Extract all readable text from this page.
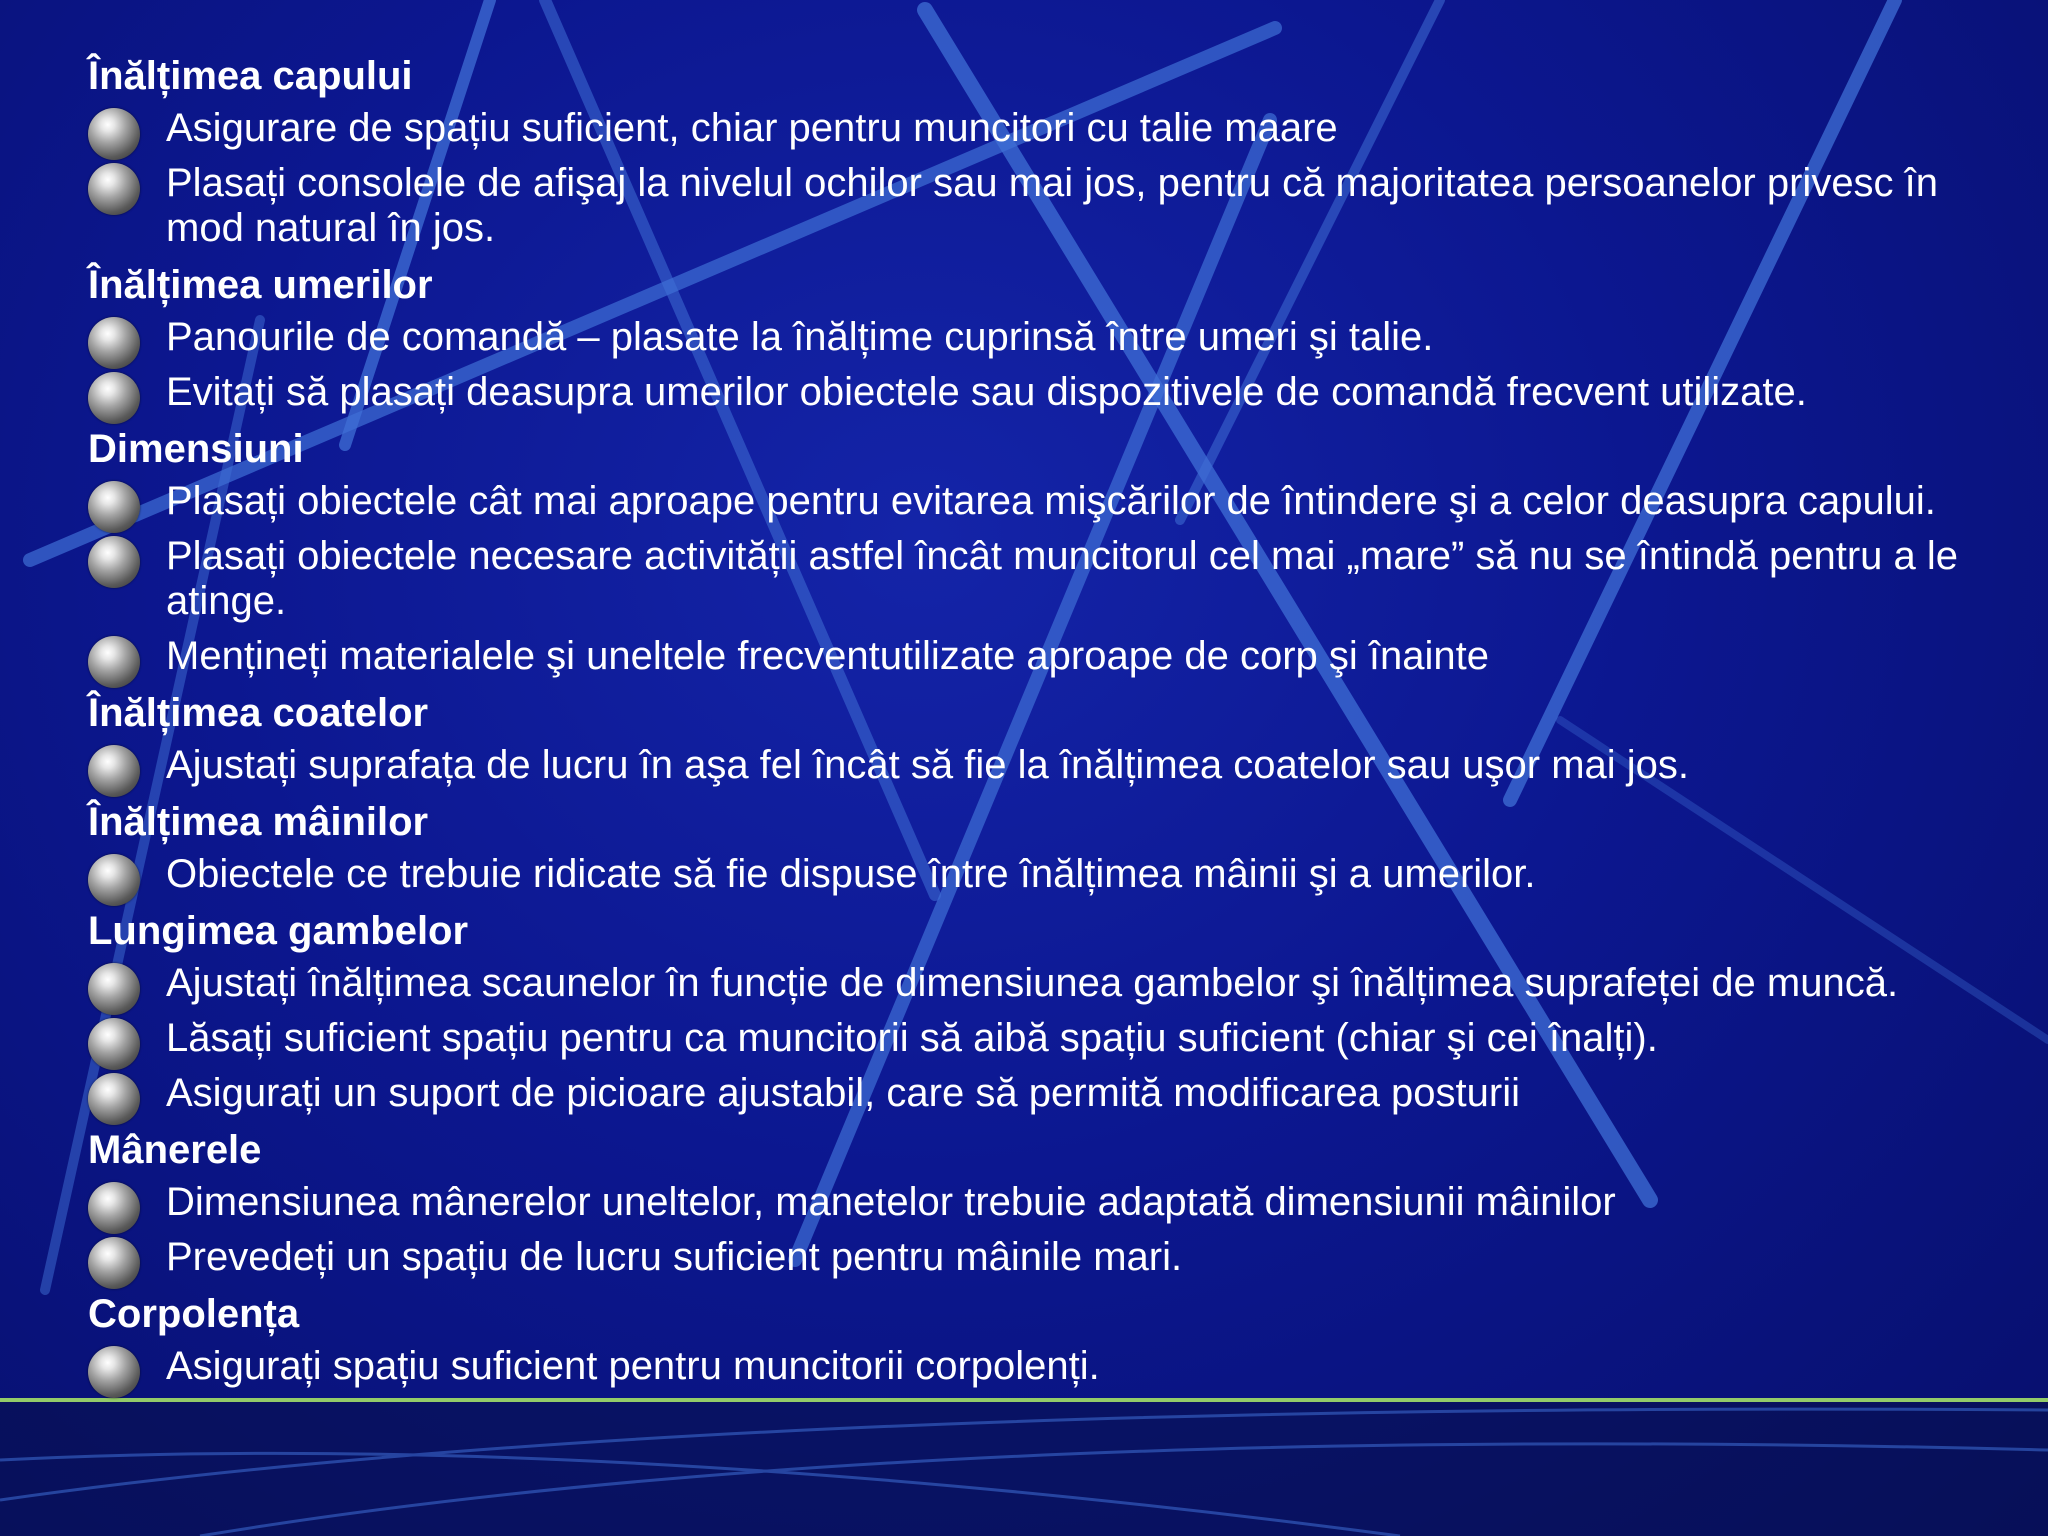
Înălțimea capului
Asigurare de spațiu suficient, chiar pentru muncitori cu talie maare
Plasați consolele de afişaj la nivelul ochilor sau mai jos, pentru că majoritatea persoanelor privesc în mod natural în jos.
Înălțimea umerilor
Panourile de comandă – plasate la înălțime cuprinsă între umeri şi talie.
Evitați să plasați deasupra umerilor obiectele sau dispozitivele de comandă frecvent utilizate.
Dimensiuni
Plasați obiectele cât mai aproape pentru evitarea mişcărilor de întindere şi a celor deasupra capului.
Plasați obiectele necesare activității astfel încât muncitorul cel mai „mare” să nu se întindă pentru a le atinge.
Mențineți materialele şi uneltele frecventutilizate aproape de corp şi înainte
Înălțimea coatelor
Ajustați suprafața de lucru în aşa fel încât să fie la înălțimea coatelor sau uşor mai jos.
Înălțimea mâinilor
Obiectele ce trebuie ridicate să fie dispuse între înălțimea mâinii şi a umerilor.
Lungimea gambelor
Ajustați înălțimea scaunelor în funcție de dimensiunea gambelor şi înălțimea suprafeței de muncă.
Lăsați suficient spațiu pentru ca muncitorii să aibă spațiu suficient (chiar şi cei înalți).
Asigurați un suport de picioare ajustabil, care să permită modificarea posturii
Mânerele
Dimensiunea mânerelor uneltelor, manetelor trebuie adaptată dimensiunii mâinilor
Prevedeți un spațiu de lucru suficient pentru mâinile mari.
Corpolența
Asigurați spațiu suficient pentru muncitorii corpolenți.
